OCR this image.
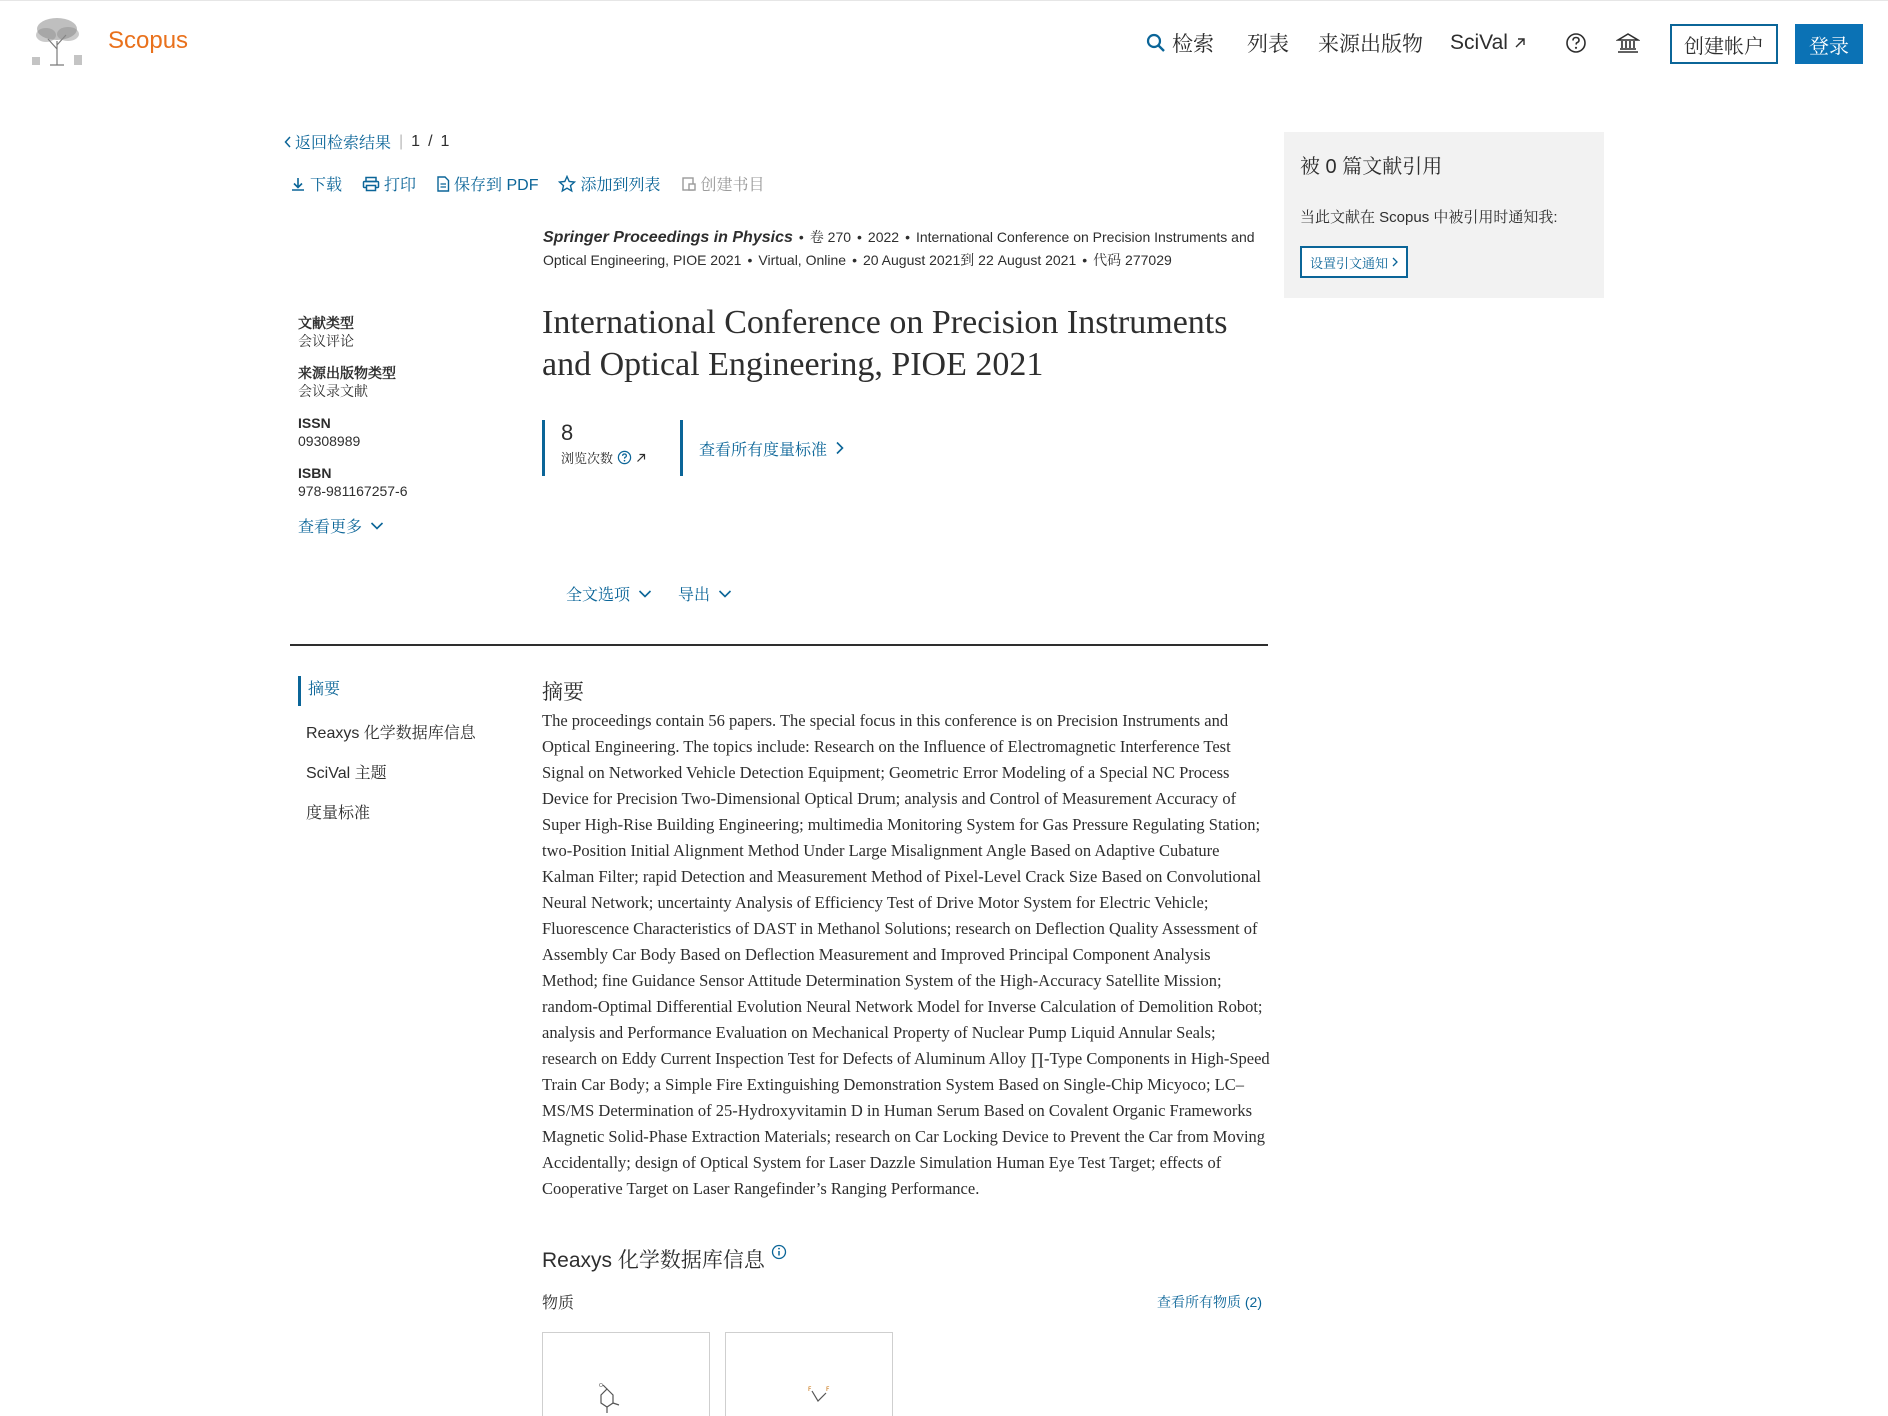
Scopus	检索 列表 来源出版物 SciVal	创建帐户	登录
返回检索结果 | 1 / 1
下载	打印 保存到 PDF	添加到列表	创建书目
Springer Proceedings in Physics • 卷 270 • 2022 • International Conference on Precision Instruments and Optical Engineering, PIOE 2021 • Virtual, Online • 20 August 2021到 22 August 2021 • 代码 277029
文献类型
会议评论
来源出版物类型
会议录文献
ISSN
09308989
ISBN
978-981167257-6
查看更多
International Conference on Precision Instruments and Optical Engineering, PIOE 2021
8
浏览次数	查看所有度量标准
全文选项	导出
摘要
Reaxys 化学数据库信息
SciVal 主题
度量标准
摘要

The proceedings contain 56 papers. The special focus in this conference is on Precision Instruments and Optical Engineering. The topics include: Research on the Influence of Electromagnetic Interference Test Signal on Networked Vehicle Detection Equipment; Geometric Error Modeling of a Special NC Process Device for Precision Two-Dimensional Optical Drum; analysis and Control of Measurement Accuracy of Super High-Rise Building Engineering; multimedia Monitoring System for Gas Pressure Regulating Station; two-Position Initial Alignment Method Under Large Misalignment Angle Based on Adaptive Cubature Kalman Filter; rapid Detection and Measurement Method of Pixel-Level Crack Size Based on Convolutional Neural Network; uncertainty Analysis of Efficiency Test of Drive Motor System for Electric Vehicle; Fluorescence Characteristics of DAST in Methanol Solutions; research on Deflection Quality Assessment of Assembly Car Body Based on Deflection Measurement and Improved Principal Component Analysis Method; fine Guidance Sensor Attitude Determination System of the High-Accuracy Satellite Mission; random-Optimal Differential Evolution Neural Network Model for Inverse Calculation of Demolition Robot; analysis and Performance Evaluation on Mechanical Property of Nuclear Pump Liquid Annular Seals; research on Eddy Current Inspection Test for Defects of Aluminum Alloy ∏-Type Components in High-Speed Train Car Body; a Simple Fire Extinguishing Demonstration System Based on Single-Chip Micyoco; LC–MS/MS Determination of 25-Hydroxyvitamin D in Human Serum Based on Covalent Organic Frameworks Magnetic Solid-Phase Extraction Materials; research on Car Locking Device to Prevent the Car from Moving Accidentally; design of Optical System for Laser Dazzle Simulation Human Eye Test Target; effects of Cooperative Target on Laser Rangefinder’s Ranging Performance.

Reaxys 化学数据库信息
物质	查看所有物质 (2)
O	F F
被 0 篇文献引用
当此文献在 Scopus 中被引用时通知我:
设置引文通知
